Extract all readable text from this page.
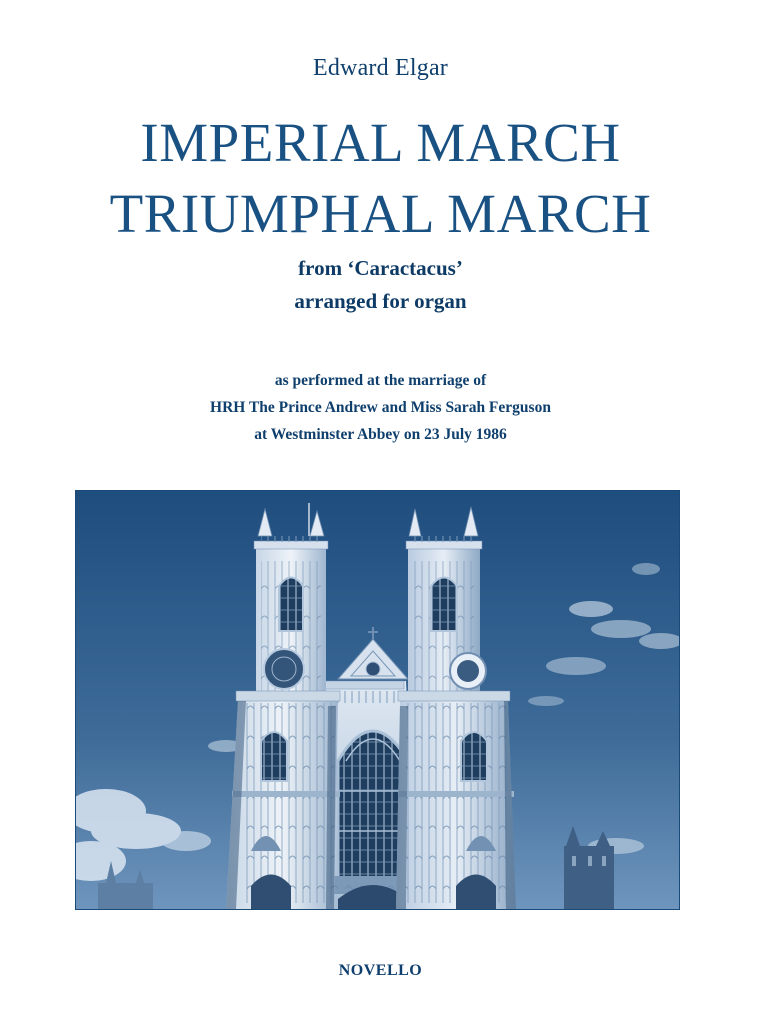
Edward Elgar
IMPERIAL MARCH
TRIUMPHAL MARCH
from ‘Caractacus’
arranged for organ
as performed at the marriage of
HRH The Prince Andrew and Miss Sarah Ferguson
at Westminster Abbey on 23 July 1986
NOVELLO
